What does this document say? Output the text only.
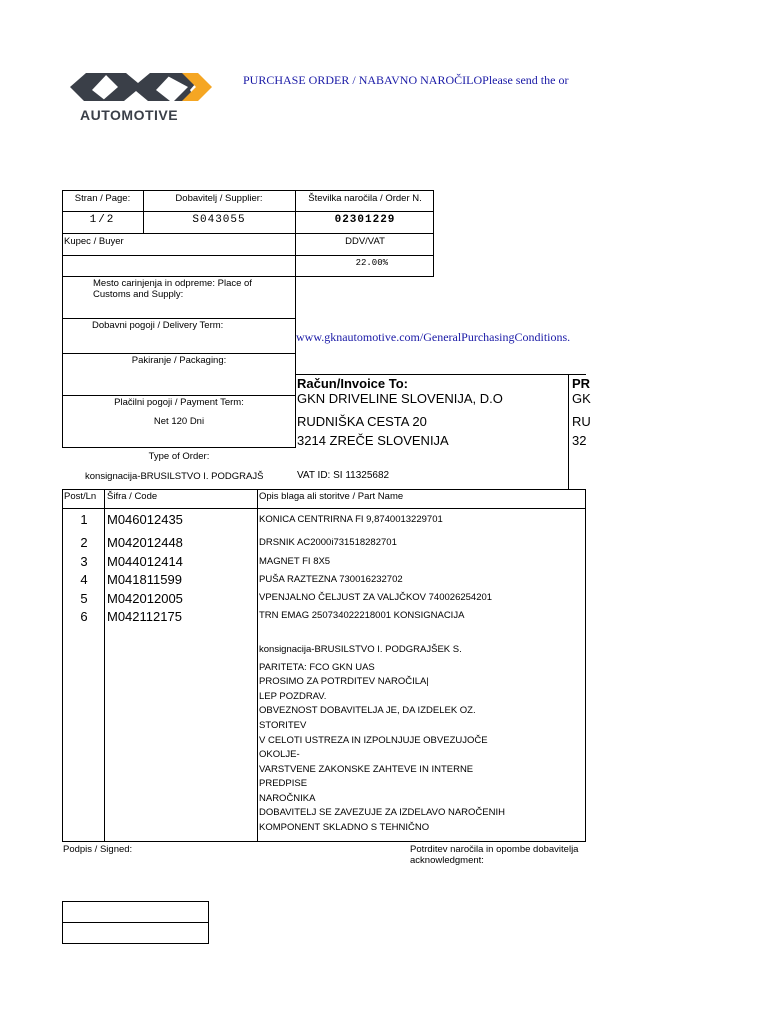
AUTOMOTIVE
PURCHASE ORDER / NABAVNO NAROČILOPlease send the or
Stran / Page:	Dobavitelj / Supplier:	Številka naročila / Order N.
1/2	S043055	02301229
Kupec / Buyer	DDV/VAT
22.00%
Mesto carinjenja in odpreme: Place of Customs and Supply:
Dobavni pogoji / Delivery Term:
Pakiranje / Packaging:
Plačilni pogoji / Payment Term:
Net 120 Dni
Type of Order:
konsignacija-BRUSILSTVO I. PODGRAJŠ
www.gknautomotive.com/GeneralPurchasingConditions.
Račun/Invoice To:
GKN DRIVELINE SLOVENIJA, D.O
RUDNIŠKA CESTA 20
3214 ZREČE SLOVENIJA
VAT ID: SI 11325682
PR
GK
RU
32
Post/Ln Šifra / Code	Opis blaga ali storitve / Part Name
1	M046012435	KONICA CENTRIRNA FI 9,8740013229701
2	M042012448	DRSNIK AC2000i731518282701
3	M044012414	MAGNET FI 8X5
4	M041811599	PUŠA RAZTEZNA 730016232702
5	M042012005	VPENJALNO ČELJUST ZA VALJČKOV 740026254201
6	M042112175	TRN EMAG 250734022218001 KONSIGNACIJA
konsignacija-BRUSILSTVO I. PODGRAJŠEK S.
PARITETA: FCO GKN UAS
PROSIMO ZA POTRDITEV NAROČILA|
LEP POZDRAV.
OBVEZNOST DOBAVITELJA JE, DA IZDELEK OZ.
STORITEV
V CELOTI USTREZA IN IZPOLNJUJE OBVEZUJOČE
OKOLJE-
VARSTVENE ZAKONSKE ZAHTEVE IN INTERNE
PREDPISE
NAROČNIKA
DOBAVITELJ SE ZAVEZUJE ZA IZDELAVO NAROČENIH
KOMPONENT SKLADNO S TEHNIČNO
Podpis / Signed:	Potrditev naročila in opombe dobavitelja
acknowledgment:
